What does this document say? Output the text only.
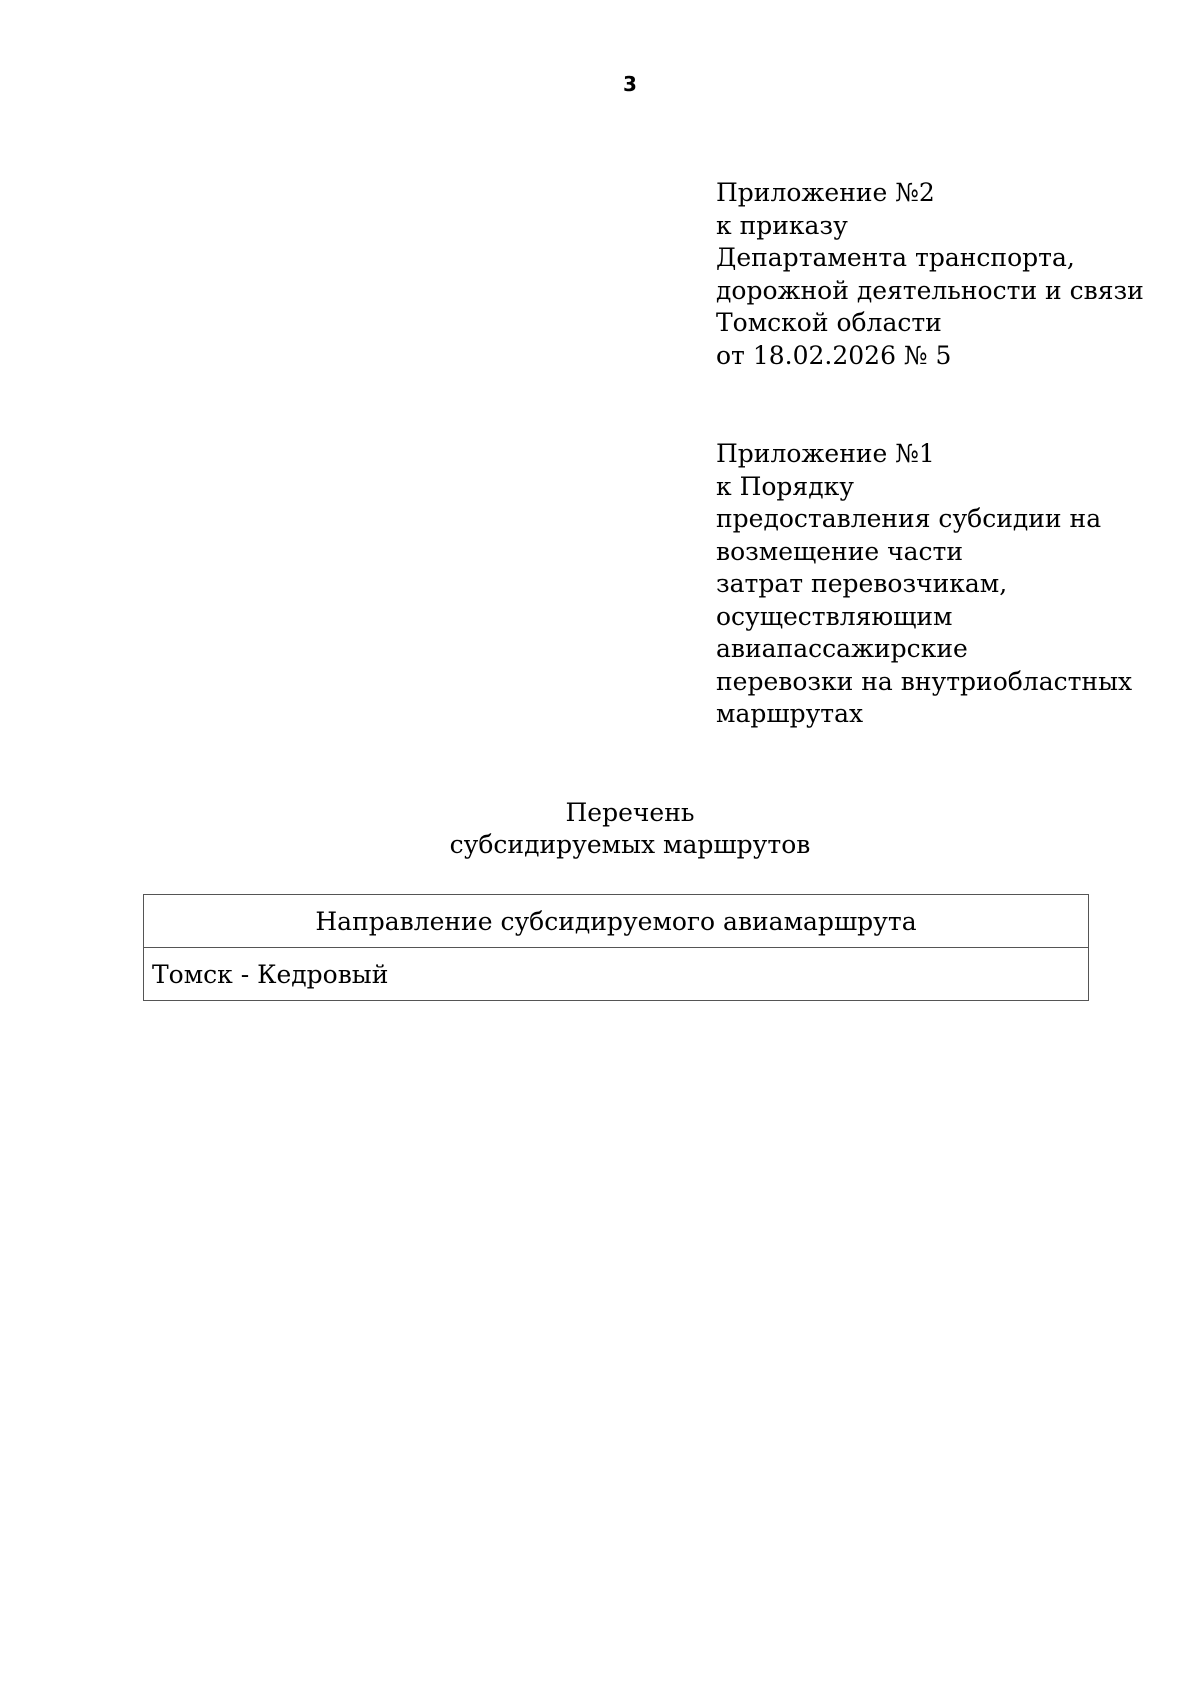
3
Приложение №2
к приказу
Департамента транспорта,
дорожной деятельности и связи
Томской области
от 18.02.2026 № 5
Приложение №1
к Порядку
предоставления субсидии на
возмещение части
затрат перевозчикам,
осуществляющим
авиапассажирские
перевозки на внутриобластных
маршрутах
Перечень
субсидируемых маршрутов
Направление субсидируемого авиамаршрута
Томск - Кедровый
